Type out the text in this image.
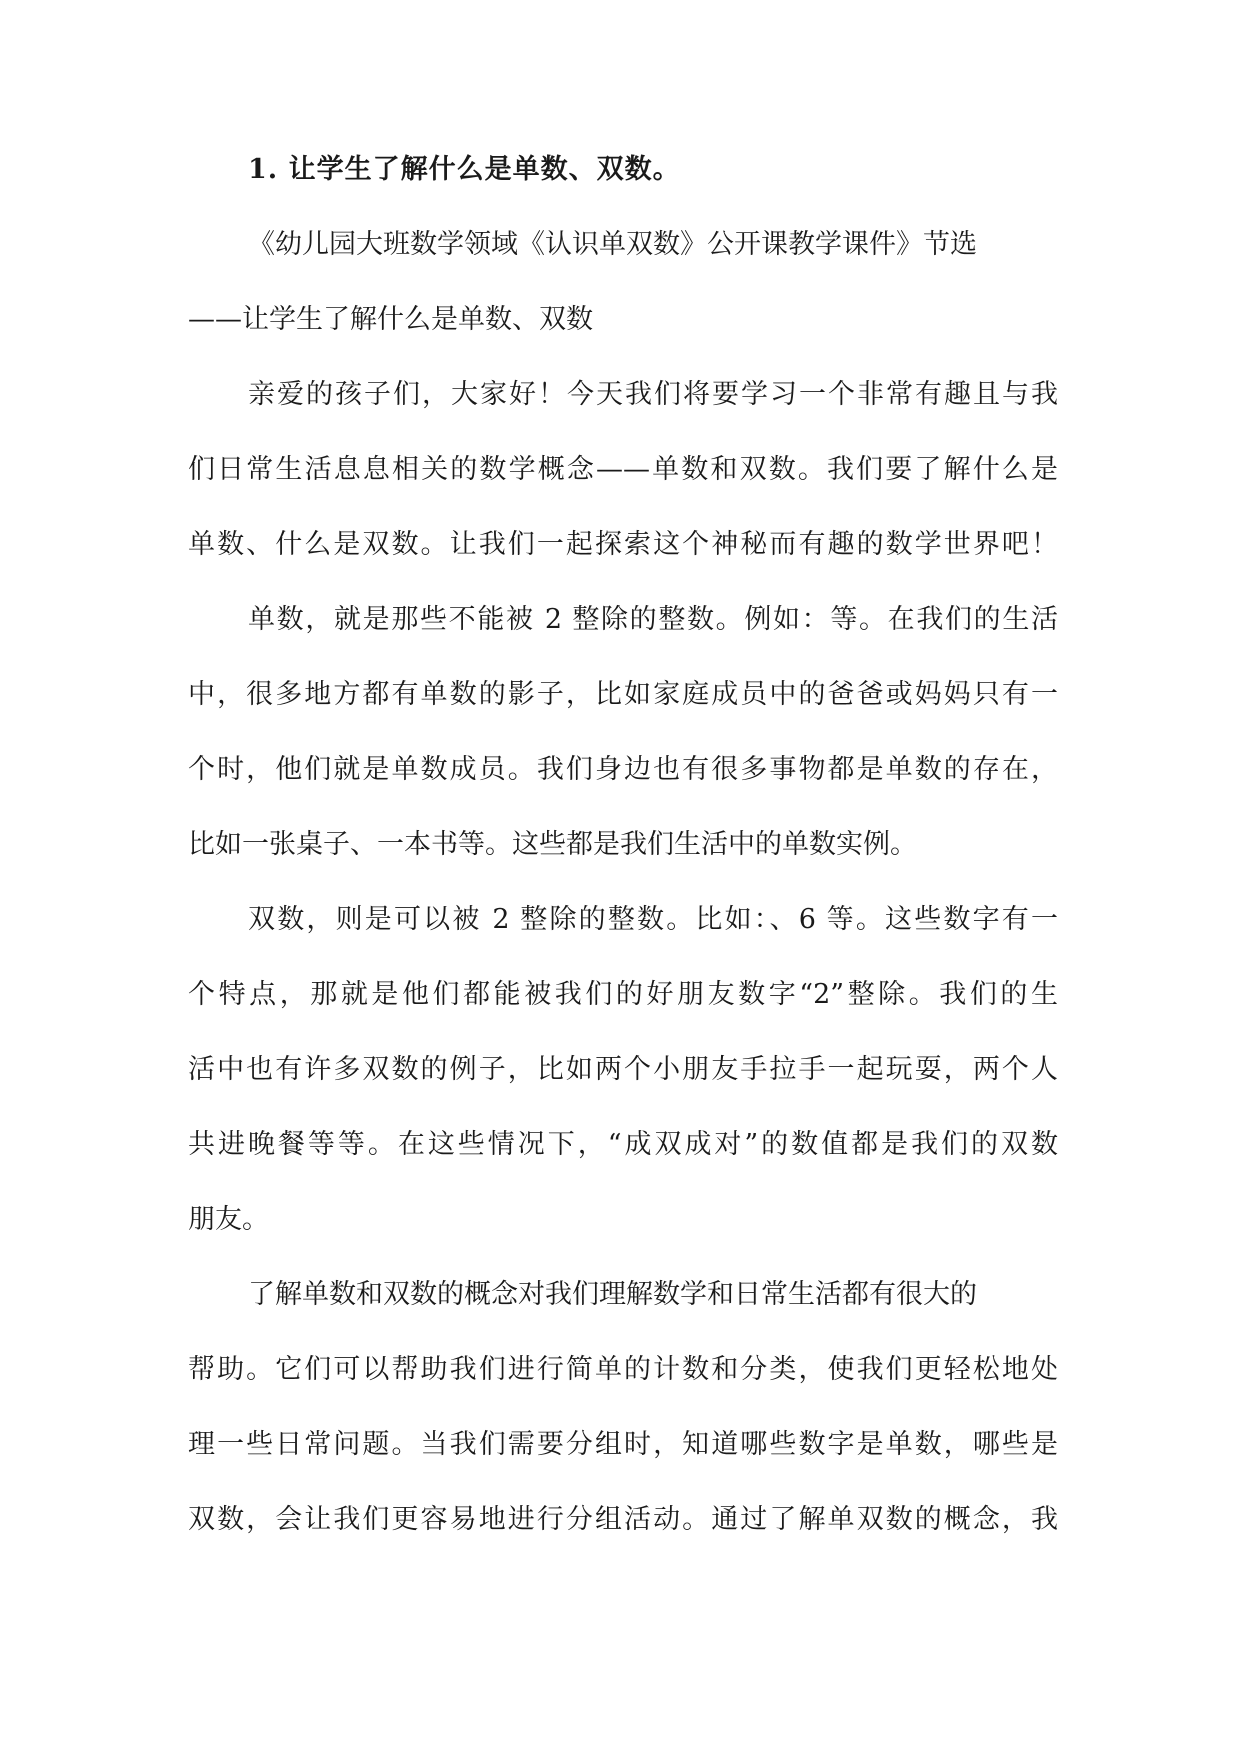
1. 让学生了解什么是单数、双数。
《幼儿园大班数学领域《认识单双数》公开课教学课件》节选
——让学生了解什么是单数、双数
亲爱的孩子们，大家好！今天我们将要学习一个非常有趣且与我
们日常生活息息相关的数学概念——单数和双数。我们要了解什么是
单数、什么是双数。让我们一起探索这个神秘而有趣的数学世界吧！
单数，就是那些不能被 2 整除的整数。例如：等。在我们的生活
中，很多地方都有单数的影子，比如家庭成员中的爸爸或妈妈只有一
个时，他们就是单数成员。我们身边也有很多事物都是单数的存在，
比如一张桌子、一本书等。这些都是我们生活中的单数实例。
双数，则是可以被 2 整除的整数。比如：、6 等。这些数字有一
个特点，那就是他们都能被我们的好朋友数字“2”整除。我们的生
活中也有许多双数的例子，比如两个小朋友手拉手一起玩耍，两个人
共进晚餐等等。在这些情况下，“成双成对”的数值都是我们的双数
朋友。
了解单数和双数的概念对我们理解数学和日常生活都有很大的
帮助。它们可以帮助我们进行简单的计数和分类，使我们更轻松地处
理一些日常问题。当我们需要分组时，知道哪些数字是单数，哪些是
双数，会让我们更容易地进行分组活动。通过了解单双数的概念，我
